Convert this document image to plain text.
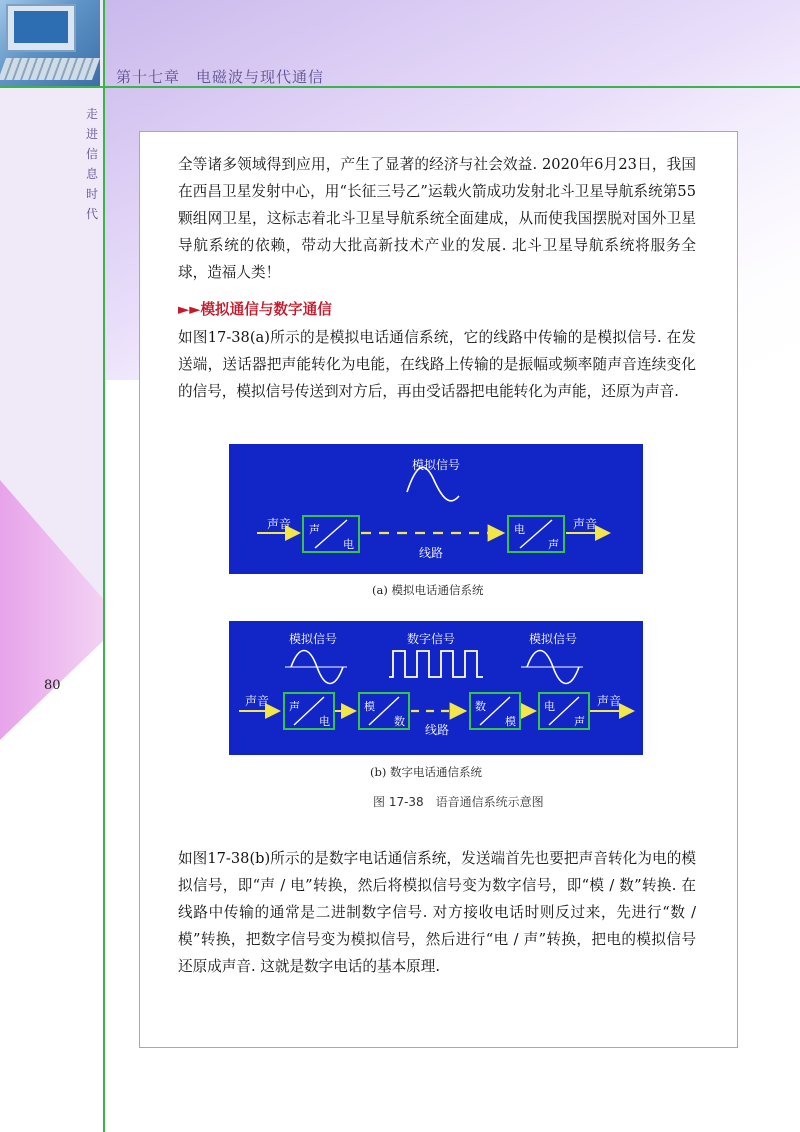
第十七章　电磁波与现代通信
走
进
信
息
时
代
80
全等诸多领域得到应用，产生了显著的经济与社会效益. 2020年6月23日，我国在西昌卫星发射中心，用“长征三号乙”运载火箭成功发射北斗卫星导航系统第55颗组网卫星，这标志着北斗卫星导航系统全面建成，从而使我国摆脱对国外卫星导航系统的依赖，带动大批高新技术产业的发展. 北斗卫星导航系统将服务全球，造福人类！
►►模拟通信与数字通信
如图17-38(a)所示的是模拟电话通信系统，它的线路中传输的是模拟信号. 在发送端，送话器把声能转化为电能，在线路上传输的是振幅或频率随声音连续变化的信号，模拟信号传送到对方后，再由受话器把电能转化为声能，还原为声音.
模拟信号
声音 声
电
线路
电
声
声音
(a) 模拟电话通信系统
模拟信号	数字信号	模拟信号
声音 声
电
模
数
线路
数
模
电
声
声音
(b) 数字电话通信系统
图 17-38　语音通信系统示意图
如图17-38(b)所示的是数字电话通信系统，发送端首先也要把声音转化为电的模拟信号，即“声 / 电”转换，然后将模拟信号变为数字信号，即“模 / 数”转换. 在线路中传输的通常是二进制数字信号. 对方接收电话时则反过来，先进行“数 / 模”转换，把数字信号变为模拟信号，然后进行“电 / 声”转换，把电的模拟信号还原成声音. 这就是数字电话的基本原理.
